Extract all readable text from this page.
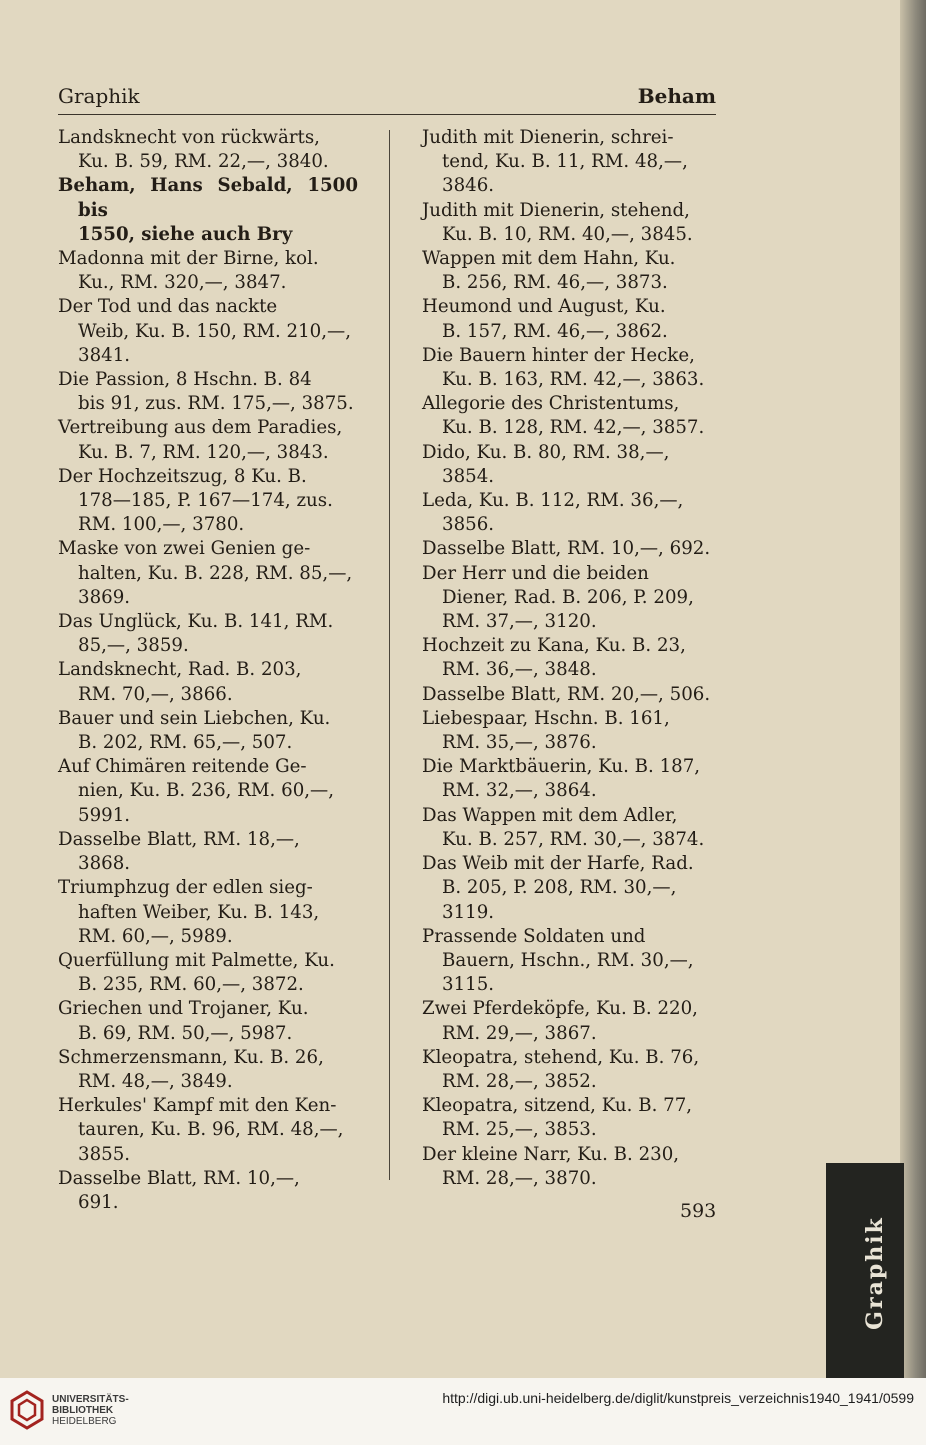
Graphik	Beham
Landsknecht von rückwärts,
Ku. B. 59, RM. 22,—, 3840.
Beham, Hans Sebald, 1500 bis
1550, siehe auch Bry
Madonna mit der Birne, kol.
Ku., RM. 320,—, 3847.
Der Tod und das nackte
Weib, Ku. B. 150, RM. 210,—,
3841.
Die Passion, 8 Hschn. B. 84
bis 91, zus. RM. 175,—, 3875.
Vertreibung aus dem Paradies,
Ku. B. 7, RM. 120,—, 3843.
Der Hochzeitszug, 8 Ku. B.
178—185, P. 167—174, zus.
RM. 100,—, 3780.
Maske von zwei Genien ge-
halten, Ku. B. 228, RM. 85,—,
3869.
Das Unglück, Ku. B. 141, RM.
85,—, 3859.
Landsknecht, Rad. B. 203,
RM. 70,—, 3866.
Bauer und sein Liebchen, Ku.
B. 202, RM. 65,—, 507.
Auf Chimären reitende Ge-
nien, Ku. B. 236, RM. 60,—,
5991.
Dasselbe Blatt, RM. 18,—,
3868.
Triumphzug der edlen sieg-
haften Weiber, Ku. B. 143,
RM. 60,—, 5989.
Querfüllung mit Palmette, Ku.
B. 235, RM. 60,—, 3872.
Griechen und Trojaner, Ku.
B. 69, RM. 50,—, 5987.
Schmerzensmann, Ku. B. 26,
RM. 48,—, 3849.
Herkules' Kampf mit den Ken-
tauren, Ku. B. 96, RM. 48,—,
3855.
Dasselbe Blatt, RM. 10,—,
691.
Judith mit Dienerin, schrei-
tend, Ku. B. 11, RM. 48,—,
3846.
Judith mit Dienerin, stehend,
Ku. B. 10, RM. 40,—, 3845.
Wappen mit dem Hahn, Ku.
B. 256, RM. 46,—, 3873.
Heumond und August, Ku.
B. 157, RM. 46,—, 3862.
Die Bauern hinter der Hecke,
Ku. B. 163, RM. 42,—, 3863.
Allegorie des Christentums,
Ku. B. 128, RM. 42,—, 3857.
Dido, Ku. B. 80, RM. 38,—,
3854.
Leda, Ku. B. 112, RM. 36,—,
3856.
Dasselbe Blatt, RM. 10,—, 692.
Der Herr und die beiden
Diener, Rad. B. 206, P. 209,
RM. 37,—, 3120.
Hochzeit zu Kana, Ku. B. 23,
RM. 36,—, 3848.
Dasselbe Blatt, RM. 20,—, 506.
Liebespaar, Hschn. B. 161,
RM. 35,—, 3876.
Die Marktbäuerin, Ku. B. 187,
RM. 32,—, 3864.
Das Wappen mit dem Adler,
Ku. B. 257, RM. 30,—, 3874.
Das Weib mit der Harfe, Rad.
B. 205, P. 208, RM. 30,—,
3119.
Prassende Soldaten und
Bauern, Hschn., RM. 30,—,
3115.
Zwei Pferdeköpfe, Ku. B. 220,
RM. 29,—, 3867.
Kleopatra, stehend, Ku. B. 76,
RM. 28,—, 3852.
Kleopatra, sitzend, Ku. B. 77,
RM. 25,—, 3853.
Der kleine Narr, Ku. B. 230,
RM. 28,—, 3870.
593
Graphik
UNIVERSITÄTS-
BIBLIOTHEK
HEIDELBERG
http://digi.ub.uni-heidelberg.de/diglit/kunstpreis_verzeichnis1940_1941/0599
